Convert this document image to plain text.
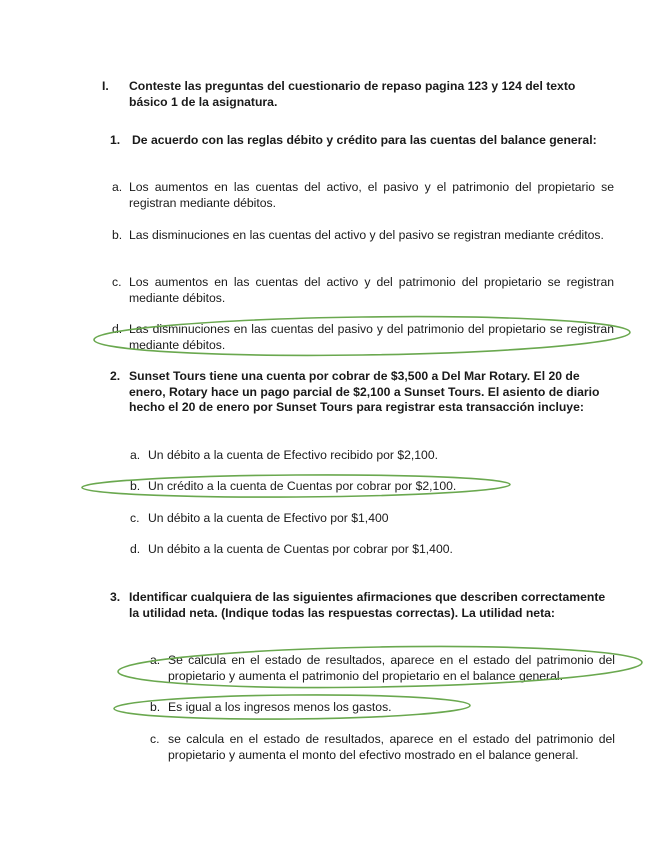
I. Conteste las preguntas del cuestionario de repaso pagina 123 y 124 del texto básico 1 de la asignatura.
1. De acuerdo con las reglas débito y crédito para las cuentas del balance general:
a. Los aumentos en las cuentas del activo, el pasivo y el patrimonio del propietario se registran mediante débitos.
b. Las disminuciones en las cuentas del activo y del pasivo se registran mediante créditos.
c. Los aumentos en las cuentas del activo y del patrimonio del propietario se registran mediante débitos.
d. Las disminuciones en las cuentas del pasivo y del patrimonio del propietario se registran mediante débitos.
2. Sunset Tours tiene una cuenta por cobrar de $3,500 a Del Mar Rotary. El 20 de enero, Rotary hace un pago parcial de $2,100 a Sunset Tours. El asiento de diario hecho el 20 de enero por Sunset Tours para registrar esta transacción incluye:
a. Un débito a la cuenta de Efectivo recibido por $2,100.
b. Un crédito a la cuenta de Cuentas por cobrar por $2,100.
c. Un débito a la cuenta de Efectivo por $1,400
d. Un débito a la cuenta de Cuentas por cobrar por $1,400.
3. Identificar cualquiera de las siguientes afirmaciones que describen correctamente la utilidad neta. (Indique todas las respuestas correctas). La utilidad neta:
a. Se calcula en el estado de resultados, aparece en el estado del patrimonio del propietario y aumenta el patrimonio del propietario en el balance general.
b. Es igual a los ingresos menos los gastos.
c. se calcula en el estado de resultados, aparece en el estado del patrimonio del propietario y aumenta el monto del efectivo mostrado en el balance general.
